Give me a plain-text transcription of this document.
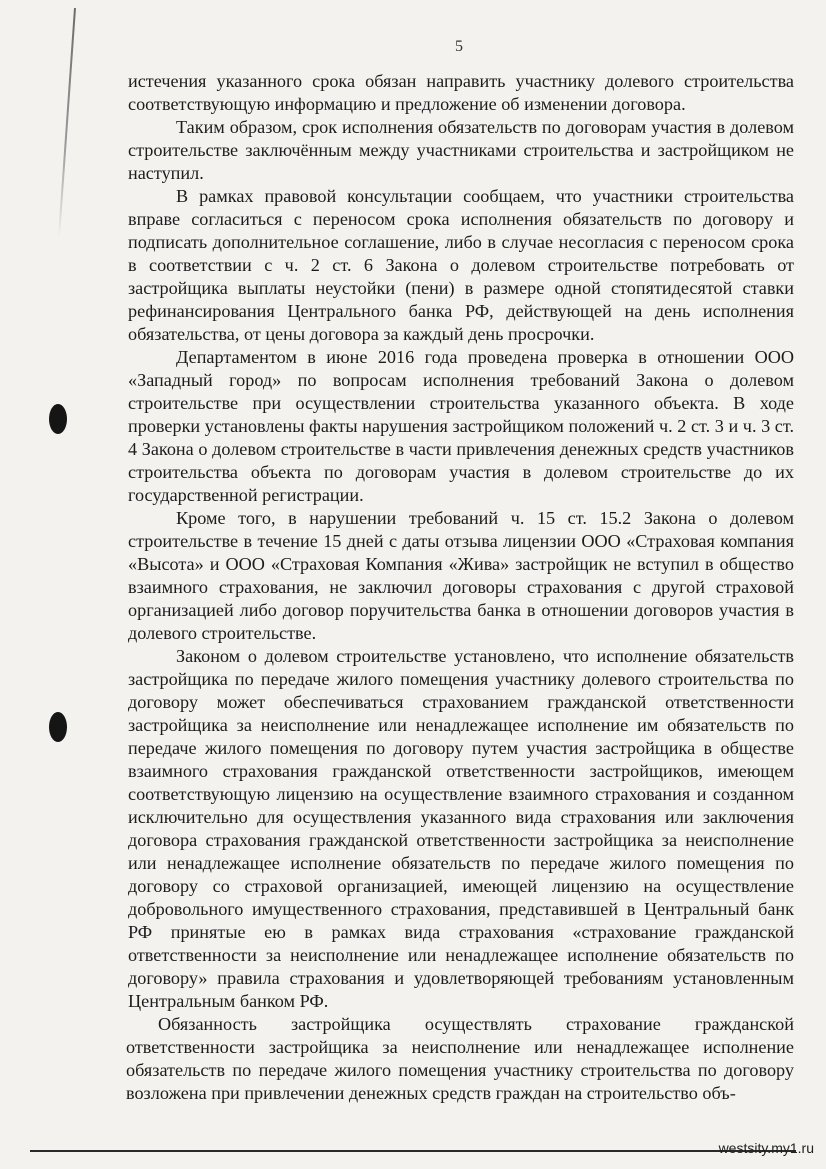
5

истечения указанного срока обязан направить участнику долевого строительства соответствующую информацию и предложение об изменении договора.

Таким образом, срок исполнения обязательств по договорам участия в долевом строительстве заключённым между участниками строительства и застройщиком не наступил.

В рамках правовой консультации сообщаем, что участники строительства вправе согласиться с переносом срока исполнения обязательств по договору и подписать дополнительное соглашение, либо в случае несогласия с переносом срока в соответствии с ч. 2 ст. 6 Закона о долевом строительстве потребовать от застройщика выплаты неустойки (пени) в размере одной стопятидесятой ставки рефинансирования Центрального банка РФ, действующей на день исполнения обязательства, от цены договора за каждый день просрочки.

Департаментом в июне 2016 года проведена проверка в отношении ООО «Западный город» по вопросам исполнения требований Закона о долевом строительстве при осуществлении строительства указанного объекта. В ходе проверки установлены факты нарушения застройщиком положений ч. 2 ст. 3 и ч. 3 ст. 4 Закона о долевом строительстве в части привлечения денежных средств участников строительства объекта по договорам участия в долевом строительстве до их государственной регистрации.

Кроме того, в нарушении требований ч. 15 ст. 15.2 Закона о долевом строительстве в течение 15 дней с даты отзыва лицензии ООО «Страховая компания «Высота» и ООО «Страховая Компания «Жива» застройщик не вступил в общество взаимного страхования, не заключил договоры страхования с другой страховой организацией либо договор поручительства банка в отношении договоров участия в долевого строительстве.

Законом о долевом строительстве установлено, что исполнение обязательств застройщика по передаче жилого помещения участнику долевого строительства по договору может обеспечиваться страхованием гражданской ответственности застройщика за неисполнение или ненадлежащее исполнение им обязательств по передаче жилого помещения по договору путем участия застройщика в обществе взаимного страхования гражданской ответственности застройщиков, имеющем соответствующую лицензию на осуществление взаимного страхования и созданном исключительно для осуществления указанного вида страхования или заключения договора страхования гражданской ответственности застройщика за неисполнение или ненадлежащее исполнение обязательств по передаче жилого помещения по договору со страховой организацией, имеющей лицензию на осуществление добровольного имущественного страхования, представившей в Центральный банк РФ принятые ею в рамках вида страхования «страхование гражданской ответственности за неисполнение или ненадлежащее исполнение обязательств по договору» правила страхования и удовлетворяющей требованиям установленным Центральным банком РФ.

Обязанность застройщика осуществлять страхование гражданской ответственности застройщика за неисполнение или ненадлежащее исполнение обязательств по передаче жилого помещения участнику строительства по договору возложена при привлечении денежных средств граждан на строительство объ-

westsity.my1.ru
